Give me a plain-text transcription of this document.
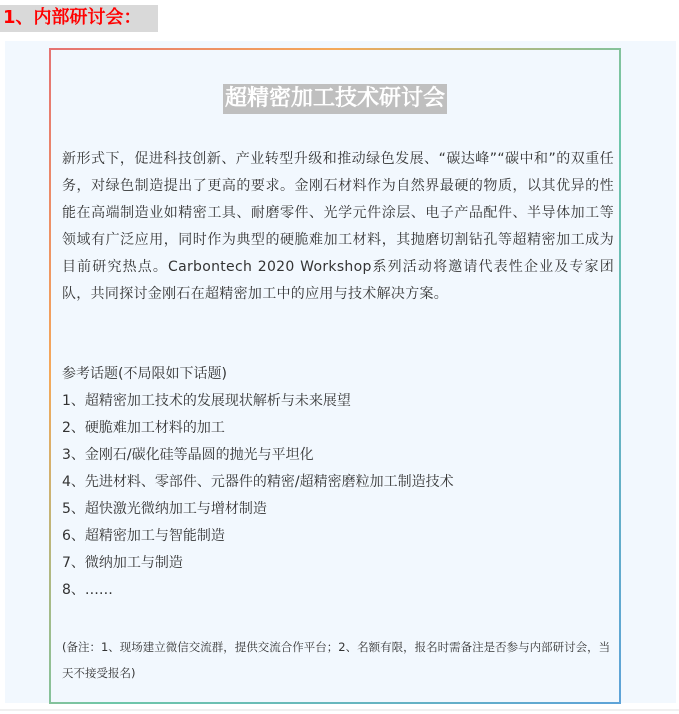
1、内部研讨会：
超精密加工技术研讨会

新形式下，促进科技创新、产业转型升级和推动绿色发展、“碳达峰”“碳中和”的双重任务，对绿色制造提出了更高的要求。金刚石材料作为自然界最硬的物质，以其优异的性能在高端制造业如精密工具、耐磨零件、光学元件涂层、电子产品配件、半导体加工等领域有广泛应用，同时作为典型的硬脆难加工材料，其抛磨切割钻孔等超精密加工成为目前研究热点。Carbontech 2020 Workshop系列活动将邀请代表性企业及专家团队，共同探讨金刚石在超精密加工中的应用与技术解决方案。

参考话题(不局限如下话题)
1、超精密加工技术的发展现状解析与未来展望
2、硬脆难加工材料的加工
3、金刚石/碳化硅等晶圆的抛光与平坦化
4、先进材料、零部件、元器件的精密/超精密磨粒加工制造技术
5、超快激光微纳加工与增材制造
6、超精密加工与智能制造
7、微纳加工与制造
8、……

(备注：1、现场建立微信交流群，提供交流合作平台；2、名额有限，报名时需备注是否参与内部研讨会，当天不接受报名)
